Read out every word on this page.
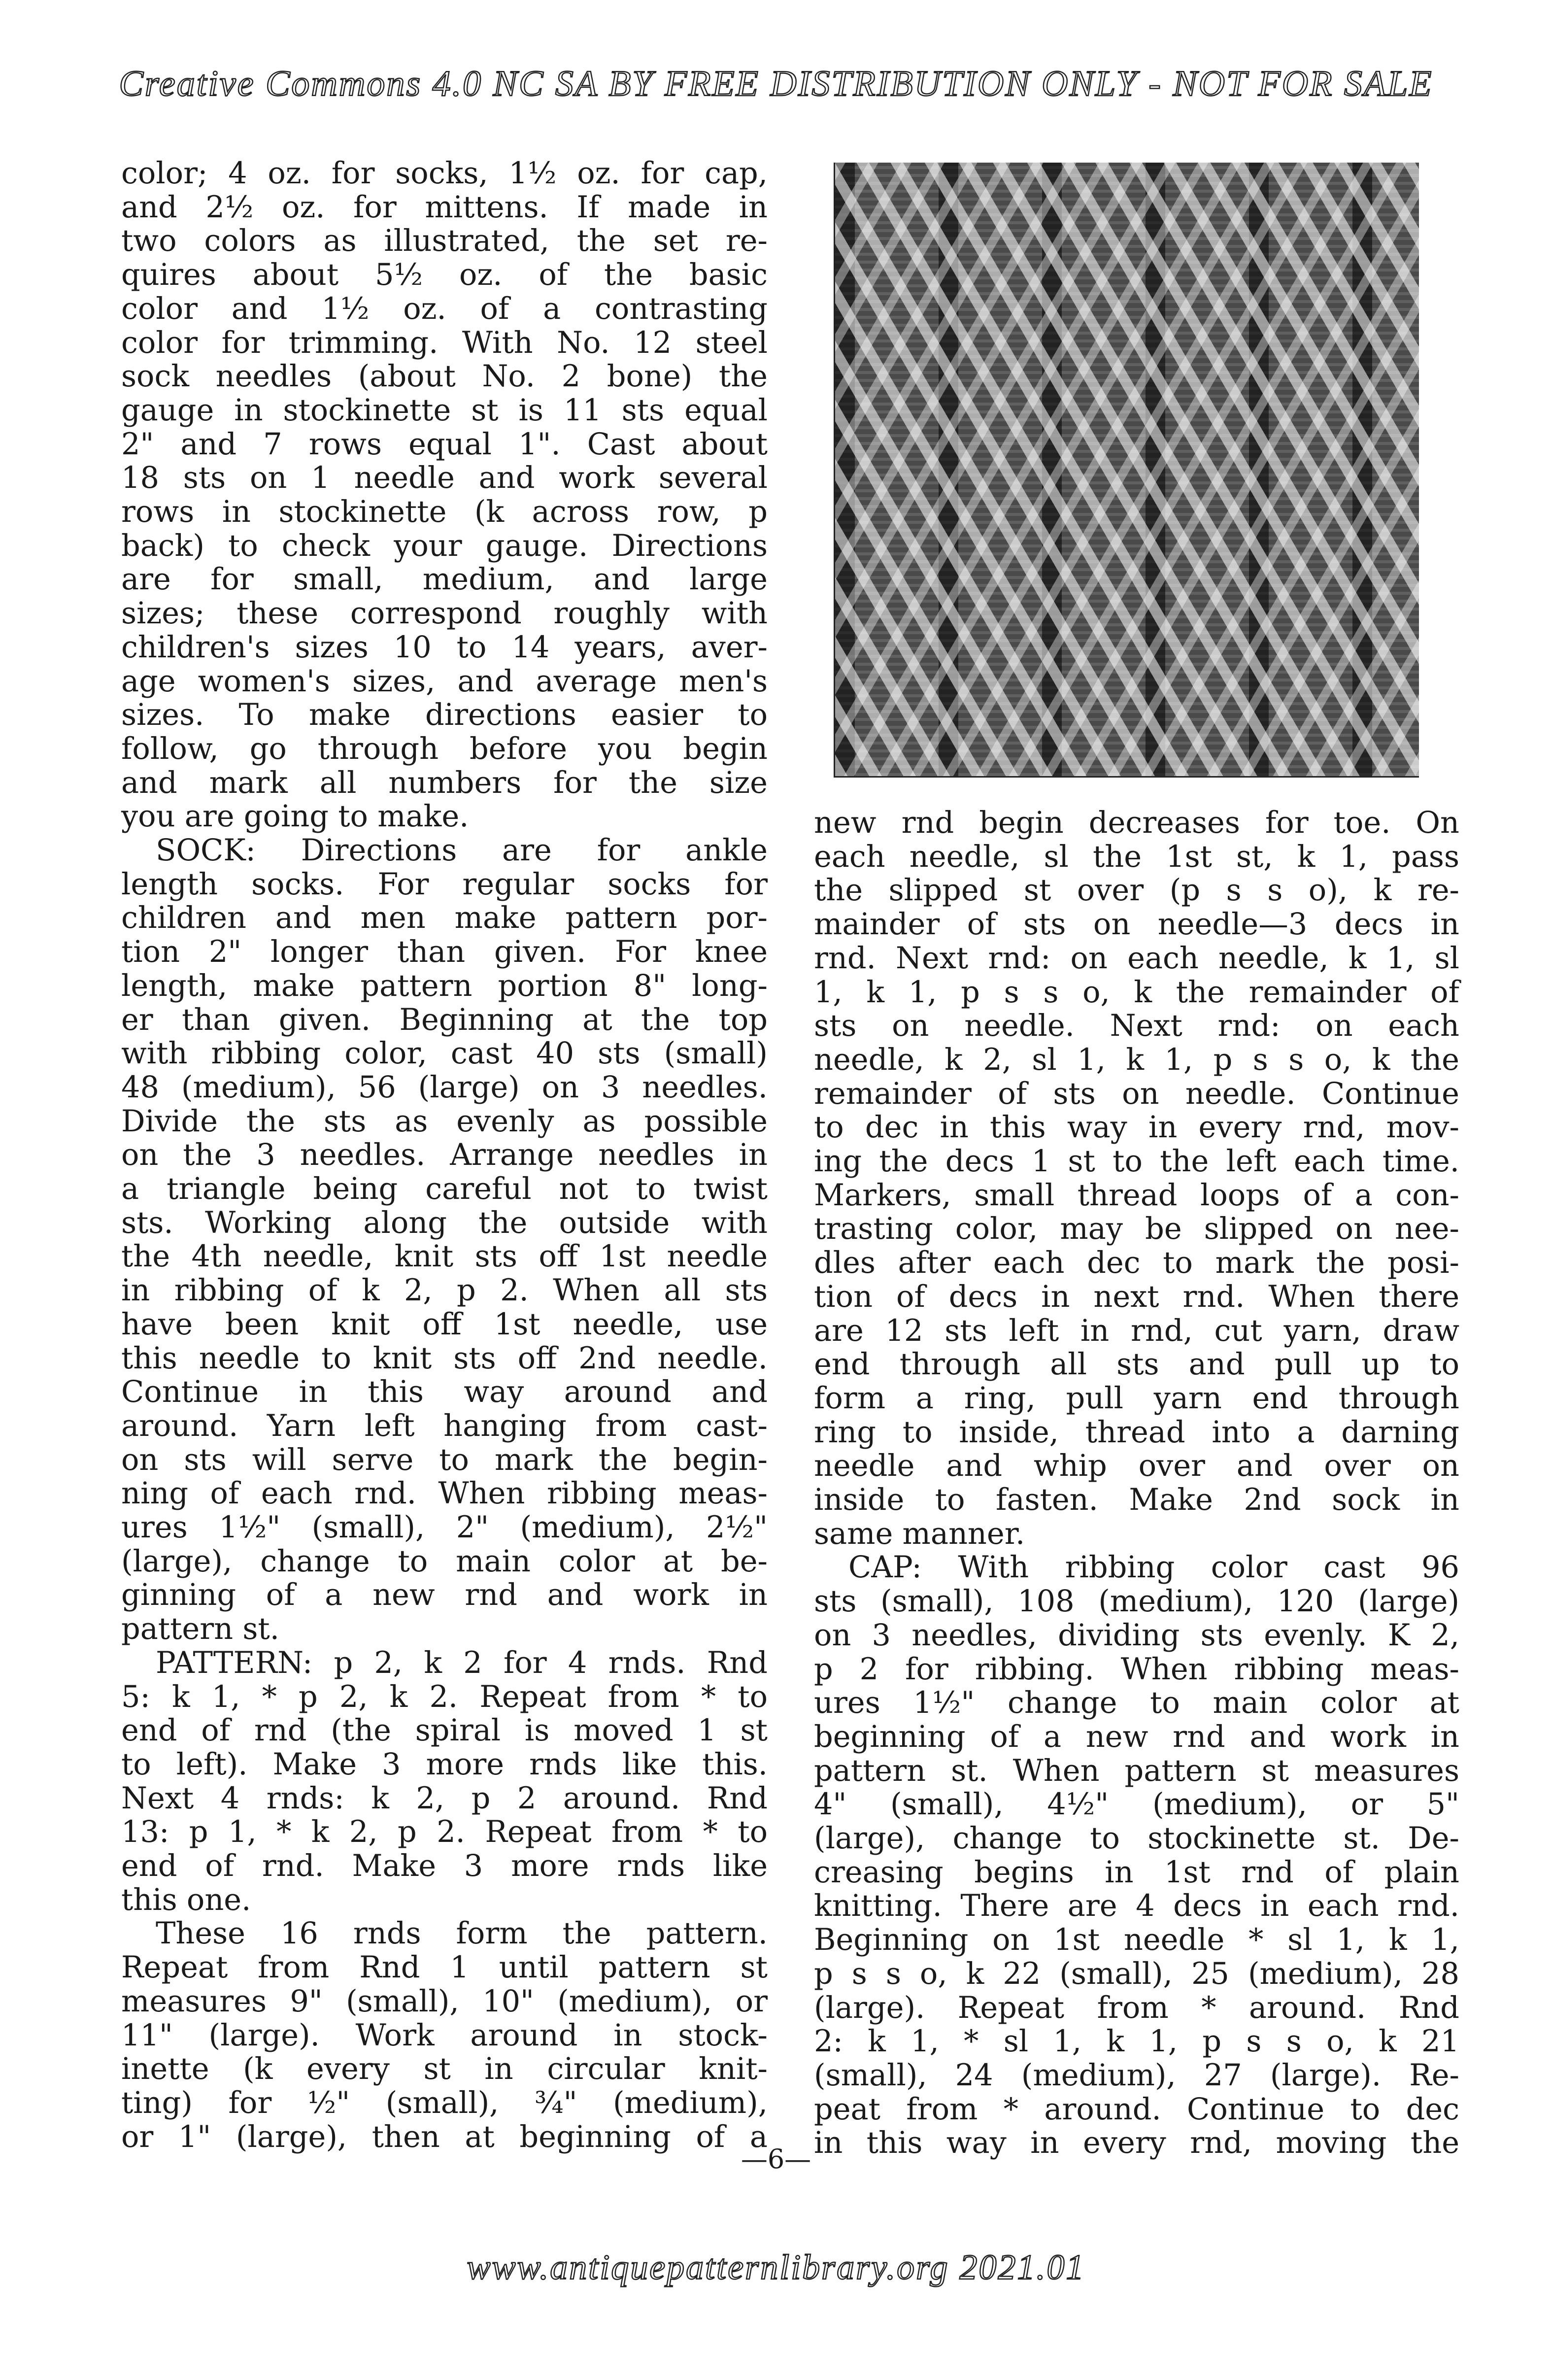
Creative Commons 4.0 NC SA BY FREE DISTRIBUTION ONLY - NOT FOR SALE
color; 4 oz. for socks, 1½ oz. for cap,
and 2½ oz. for mittens. If made in
two colors as illustrated, the set re-
quires about 5½ oz. of the basic
color and 1½ oz. of a contrasting
color for trimming. With No. 12 steel
sock needles (about No. 2 bone) the
gauge in stockinette st is 11 sts equal
2" and 7 rows equal 1". Cast about
18 sts on 1 needle and work several
rows in stockinette (k across row, p
back) to check your gauge. Directions
are for small, medium, and large
sizes; these correspond roughly with
children's sizes 10 to 14 years, aver-
age women's sizes, and average men's
sizes. To make directions easier to
follow, go through before you begin
and mark all numbers for the size
you are going to make.
SOCK: Directions are for ankle
length socks. For regular socks for
children and men make pattern por-
tion 2" longer than given. For knee
length, make pattern portion 8" long-
er than given. Beginning at the top
with ribbing color, cast 40 sts (small)
48 (medium), 56 (large) on 3 needles.
Divide the sts as evenly as possible
on the 3 needles. Arrange needles in
a triangle being careful not to twist
sts. Working along the outside with
the 4th needle, knit sts off 1st needle
in ribbing of k 2, p 2. When all sts
have been knit off 1st needle, use
this needle to knit sts off 2nd needle.
Continue in this way around and
around. Yarn left hanging from cast-
on sts will serve to mark the begin-
ning of each rnd. When ribbing meas-
ures 1½" (small), 2" (medium), 2½"
(large), change to main color at be-
ginning of a new rnd and work in
pattern st.
PATTERN: p 2, k 2 for 4 rnds. Rnd
5: k 1, * p 2, k 2. Repeat from * to
end of rnd (the spiral is moved 1 st
to left). Make 3 more rnds like this.
Next 4 rnds: k 2, p 2 around. Rnd
13: p 1, * k 2, p 2. Repeat from * to
end of rnd. Make 3 more rnds like
this one.
These 16 rnds form the pattern.
Repeat from Rnd 1 until pattern st
measures 9" (small), 10" (medium), or
11" (large). Work around in stock-
inette (k every st in circular knit-
ting) for ½" (small), ¾" (medium),
or 1" (large), then at beginning of a
new rnd begin decreases for toe. On
each needle, sl the 1st st, k 1, pass
the slipped st over (p s s o), k re-
mainder of sts on needle—3 decs in
rnd. Next rnd: on each needle, k 1, sl
1, k 1, p s s o, k the remainder of
sts on needle. Next rnd: on each
needle, k 2, sl 1, k 1, p s s o, k the
remainder of sts on needle. Continue
to dec in this way in every rnd, mov-
ing the decs 1 st to the left each time.
Markers, small thread loops of a con-
trasting color, may be slipped on nee-
dles after each dec to mark the posi-
tion of decs in next rnd. When there
are 12 sts left in rnd, cut yarn, draw
end through all sts and pull up to
form a ring, pull yarn end through
ring to inside, thread into a darning
needle and whip over and over on
inside to fasten. Make 2nd sock in
same manner.
CAP: With ribbing color cast 96
sts (small), 108 (medium), 120 (large)
on 3 needles, dividing sts evenly. K 2,
p 2 for ribbing. When ribbing meas-
ures 1½" change to main color at
beginning of a new rnd and work in
pattern st. When pattern st measures
4" (small), 4½" (medium), or 5"
(large), change to stockinette st. De-
creasing begins in 1st rnd of plain
knitting. There are 4 decs in each rnd.
Beginning on 1st needle * sl 1, k 1,
p s s o, k 22 (small), 25 (medium), 28
(large). Repeat from * around. Rnd
2: k 1, * sl 1, k 1, p s s o, k 21
(small), 24 (medium), 27 (large). Re-
peat from * around. Continue to dec
in this way in every rnd, moving the
—6—
www.antiquepatternlibrary.org 2021.01
